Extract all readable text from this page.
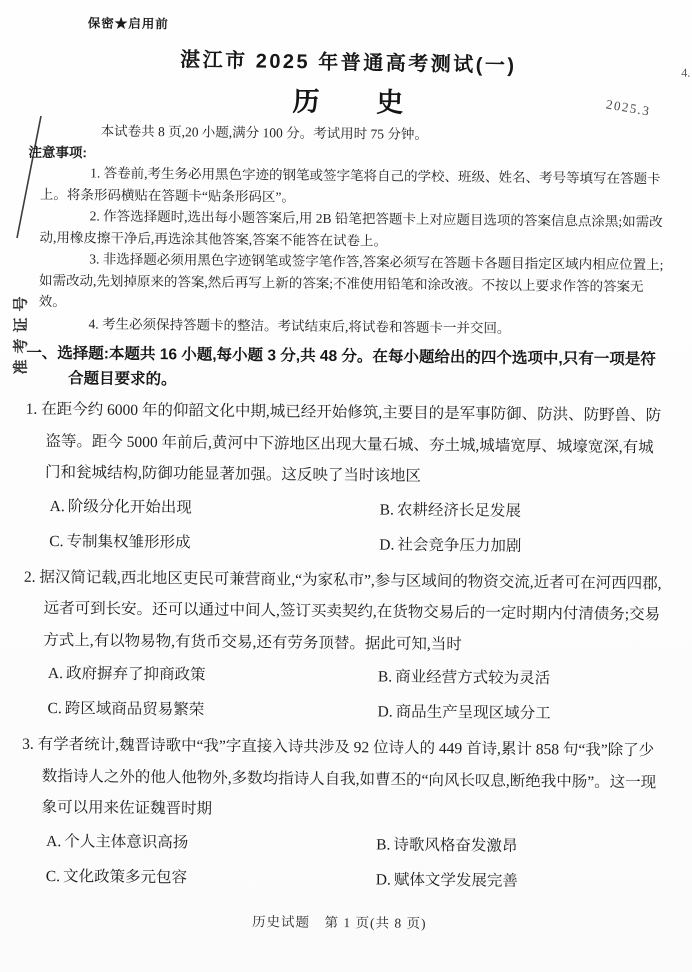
准考证号
保密★启用前
4.
湛江市 2025 年普通高考测试(一)
2025.3
历　史

本试卷共 8 页,20 小题,满分 100 分。考试用时 75 分钟。

注意事项:

1. 答卷前,考生务必用黑色字迹的钢笔或签字笔将自己的学校、班级、姓名、考号等填写在答题卡上。将条形码横贴在答题卡“贴条形码区”。

2. 作答选择题时,选出每小题答案后,用 2B 铅笔把答题卡上对应题目选项的答案信息点涂黑;如需改动,用橡皮擦干净后,再选涂其他答案,答案不能答在试卷上。

3. 非选择题必须用黑色字迹钢笔或签字笔作答,答案必须写在答题卡各题目指定区域内相应位置上;如需改动,先划掉原来的答案,然后再写上新的答案;不准使用铅笔和涂改液。不按以上要求作答的答案无效。

4. 考生必须保持答题卡的整洁。考试结束后,将试卷和答题卡一并交回。

一、选择题:本题共 16 小题,每小题 3 分,共 48 分。在每小题给出的四个选项中,只有一项是符合题目要求的。

1. 在距今约 6000 年的仰韶文化中期,城已经开始修筑,主要目的是军事防御、防洪、防野兽、防盗等。距今 5000 年前后,黄河中下游地区出现大量石城、夯土城,城墙宽厚、城壕宽深,有城门和瓮城结构,防御功能显著加强。这反映了当时该地区

A. 阶级分化开始出现	B. 农耕经济长足发展
C. 专制集权雏形形成	D. 社会竞争压力加剧

2. 据汉简记载,西北地区吏民可兼营商业,“为家私市”,参与区域间的物资交流,近者可在河西四郡,远者可到长安。还可以通过中间人,签订买卖契约,在货物交易后的一定时期内付清债务;交易方式上,有以物易物,有货币交易,还有劳务顶替。据此可知,当时

A. 政府摒弃了抑商政策	B. 商业经营方式较为灵活
C. 跨区域商品贸易繁荣	D. 商品生产呈现区域分工

3. 有学者统计,魏晋诗歌中“我”字直接入诗共涉及 92 位诗人的 449 首诗,累计 858 句“我”除了少数指诗人之外的他人他物外,多数均指诗人自我,如曹丕的“向风长叹息,断绝我中肠”。这一现象可以用来佐证魏晋时期

A. 个人主体意识高扬	B. 诗歌风格奋发激昂
C. 文化政策多元包容	D. 赋体文学发展完善
历史试题　第 1 页(共 8 页)
